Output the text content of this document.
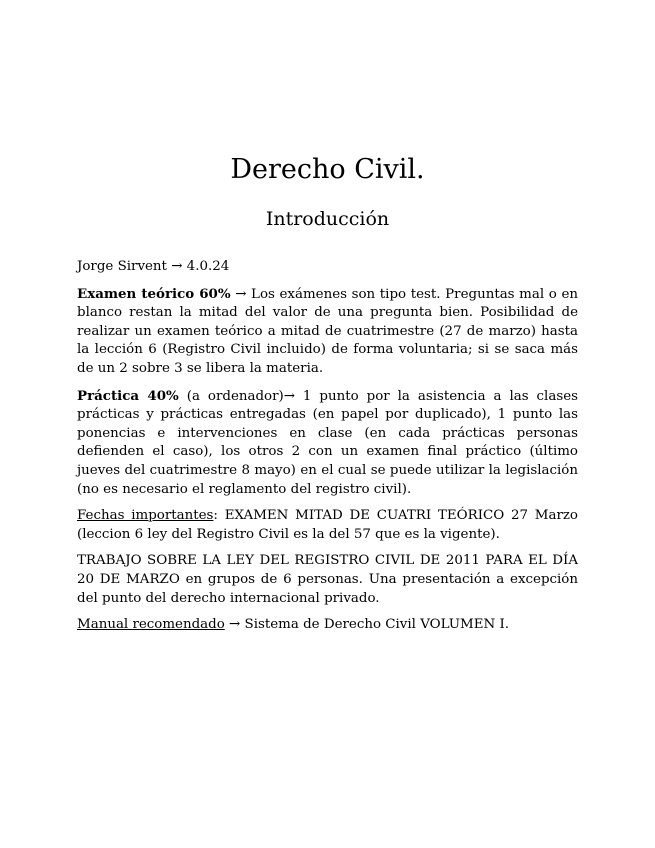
Derecho Civil.
Introducción

Jorge Sirvent → 4.0.24

Examen teórico 60% → Los exámenes son tipo test. Preguntas mal o en blanco restan la mitad del valor de una pregunta bien. Posibilidad de realizar un examen teórico a mitad de cuatrimestre (27 de marzo) hasta la lección 6 (Registro Civil incluido) de forma voluntaria; si se saca más de un 2 sobre 3 se libera la materia.

Práctica 40% (a ordenador)→ 1 punto por la asistencia a las clases prácticas y prácticas entregadas (en papel por duplicado), 1 punto las ponencias e intervenciones en clase (en cada prácticas personas defienden el caso), los otros 2 con un examen final práctico (último jueves del cuatrimestre 8 mayo) en el cual se puede utilizar la legislación (no es necesario el reglamento del registro civil).

Fechas importantes: EXAMEN MITAD DE CUATRI TEÓRICO 27 Marzo (leccion 6 ley del Registro Civil es la del 57 que es la vigente).

TRABAJO SOBRE LA LEY DEL REGISTRO CIVIL DE 2011 PARA EL DÍA 20 DE MARZO en grupos de 6 personas. Una presentación a excepción del punto del derecho internacional privado.

Manual recomendado → Sistema de Derecho Civil VOLUMEN I.
